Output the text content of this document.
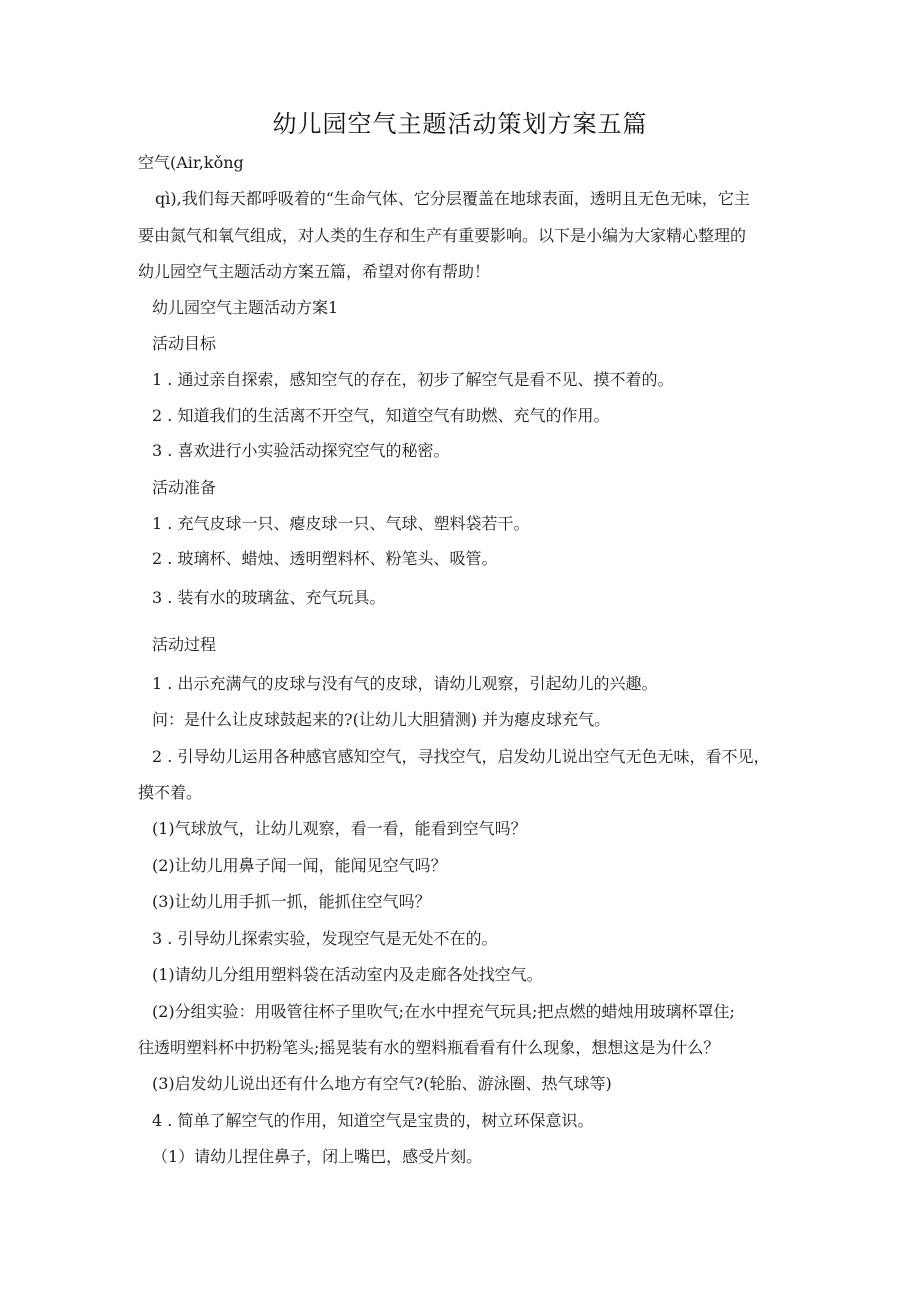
幼儿园空气主题活动策划方案五篇
空气(Air,kǒng
qì),我们每天都呼吸着的“生命气体、它分层覆盖在地球表面，透明且无色无味，它主
要由氮气和氧气组成，对人类的生存和生产有重要影响。以下是小编为大家精心整理的
幼儿园空气主题活动方案五篇，希望对你有帮助！
幼儿园空气主题活动方案1
活动目标
1 . 通过亲自探索，感知空气的存在，初步了解空气是看不见、摸不着的。
2 . 知道我们的生活离不开空气，知道空气有助燃、充气的作用。
3 . 喜欢进行小实验活动探究空气的秘密。
活动准备
1 . 充气皮球一只、瘪皮球一只、气球、塑料袋若干。
2 . 玻璃杯、蜡烛、透明塑料杯、粉笔头、吸管。
3 . 装有水的玻璃盆、充气玩具。
活动过程
1 . 出示充满气的皮球与没有气的皮球，请幼儿观察，引起幼儿的兴趣。
问：是什么让皮球鼓起来的?(让幼儿大胆猜测) 并为瘪皮球充气。
2 . 引导幼儿运用各种感官感知空气，寻找空气，启发幼儿说出空气无色无味，看不见，
摸不着。
(1)气球放气，让幼儿观察，看一看，能看到空气吗？
(2)让幼儿用鼻子闻一闻，能闻见空气吗？
(3)让幼儿用手抓一抓，能抓住空气吗？
3 . 引导幼儿探索实验，发现空气是无处不在的。
(1)请幼儿分组用塑料袋在活动室内及走廊各处找空气。
(2)分组实验：用吸管往杯子里吹气;在水中捏充气玩具;把点燃的蜡烛用玻璃杯罩住;
往透明塑料杯中扔粉笔头;摇晃装有水的塑料瓶看看有什么现象，想想这是为什么？
(3)启发幼儿说出还有什么地方有空气?(轮胎、游泳圈、热气球等)
4 . 简单了解空气的作用，知道空气是宝贵的，树立环保意识。
（1）请幼儿捏住鼻子，闭上嘴巴，感受片刻。
